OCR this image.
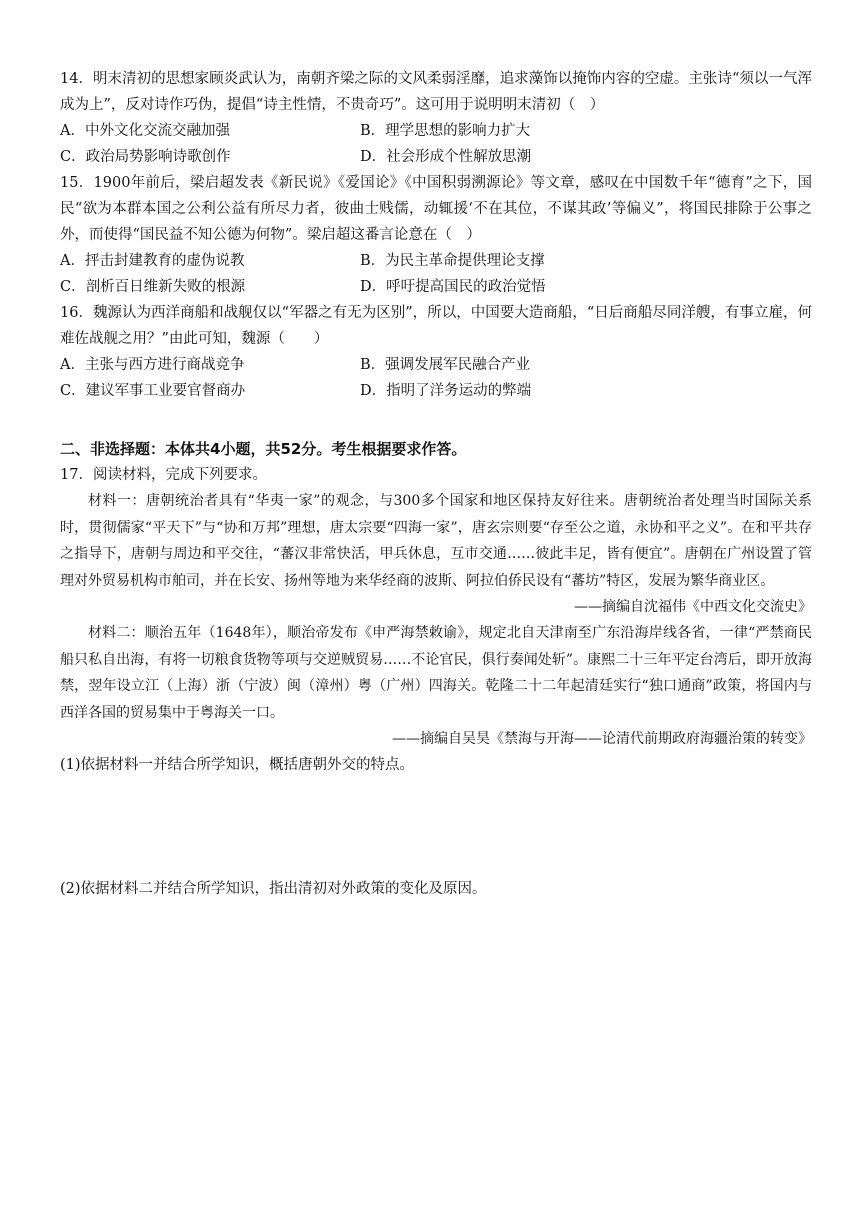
14．明末清初的思想家顾炎武认为，南朝齐梁之际的文风柔弱淫靡，追求藻饰以掩饰内容的空虚。主张诗“须以一气浑成为上”，反对诗作巧伪，提倡“诗主性情，不贵奇巧”。这可用于说明明末清初（　）

A．中外文化交流交融加强	B．理学思想的影响力扩大
C．政治局势影响诗歌创作	D．社会形成个性解放思潮

15．1900年前后，梁启超发表《新民说》《爱国论》《中国积弱溯源论》等文章，感叹在中国数千年“德育”之下，国民“欲为本群本国之公利公益有所尽力者，彼曲士贱儒，动辄援‘不在其位，不谋其政’等偏义”，将国民排除于公事之外，而使得“国民益不知公德为何物”。梁启超这番言论意在（　）

A．抨击封建教育的虚伪说教	B．为民主革命提供理论支撑
C．剖析百日维新失败的根源	D．呼吁提高国民的政治觉悟

16．魏源认为西洋商船和战舰仅以“军器之有无为区别”，所以，中国要大造商船，“日后商船尽同洋艘，有事立雇，何难佐战舰之用？”由此可知，魏源（　　）

A．主张与西方进行商战竞争	B．强调发展军民融合产业
C．建议军事工业要官督商办	D．指明了洋务运动的弊端
二、非选择题：本体共4小题，共52分。考生根据要求作答。
17．阅读材料，完成下列要求。

材料一：唐朝统治者具有“华夷一家”的观念，与300多个国家和地区保持友好往来。唐朝统治者处理当时国际关系时，贯彻儒家“平天下”与“协和万邦”理想，唐太宗要“四海一家”，唐玄宗则要“存至公之道，永协和平之义”。在和平共存之指导下，唐朝与周边和平交往，“蕃汉非常快活，甲兵休息，互市交通……彼此丰足，皆有便宜”。唐朝在广州设置了管理对外贸易机构市舶司，并在长安、扬州等地为来华经商的波斯、阿拉伯侨民设有“蕃坊”特区，发展为繁华商业区。

——摘编自沈福伟《中西文化交流史》

材料二：顺治五年（1648年），顺治帝发布《申严海禁敕谕》，规定北自天津南至广东沿海岸线各省，一律“严禁商民船只私自出海，有将一切粮食货物等项与交逆贼贸易……不论官民，俱行奏闻处斩”。康熙二十三年平定台湾后，即开放海禁，翌年设立江（上海）浙（宁波）闽（漳州）粤（广州）四海关。乾隆二十二年起清廷实行“独口通商”政策，将国内与西洋各国的贸易集中于粤海关一口。

——摘编自吴昊《禁海与开海——论清代前期政府海疆治策的转变》
(1)依据材料一并结合所学知识，概括唐朝外交的特点。
(2)依据材料二并结合所学知识，指出清初对外政策的变化及原因。
